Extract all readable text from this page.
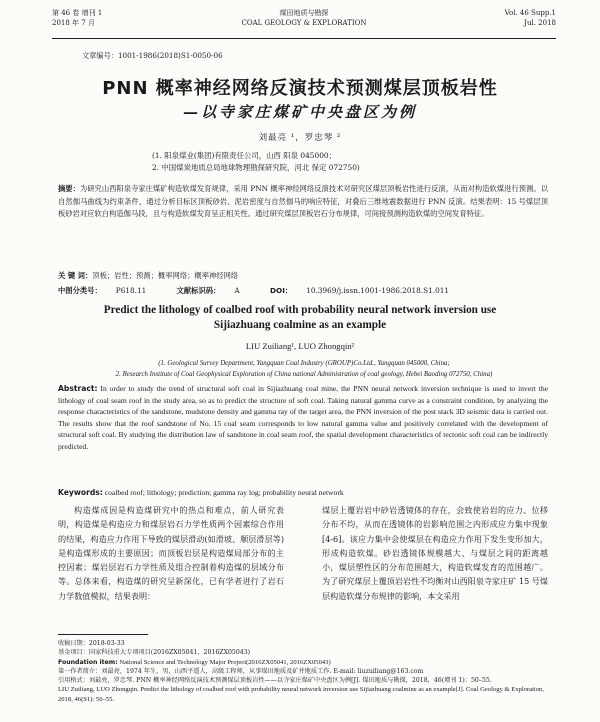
第 46 卷 增刊 1
2018 年 7 月
煤田地质与勘探
COAL GEOLOGY & EXPLORATION
Vol. 46 Supp.1
Jul. 2018
文章编号：1001-1986(2018)S1-0050-06
PNN 概率神经网络反演技术预测煤层顶板岩性
—以寺家庄煤矿中央盘区为例
刘最亮 ¹，罗忠琴 ²
(1. 阳泉煤业(集团)有限责任公司，山西 阳泉 045000；
2. 中国煤炭地质总局地球物理勘探研究院，河北 保定 072750)
摘要：为研究山西阳泉寺家庄煤矿构造软煤发育规律，采用 PNN 概率神经网络反演技术对研究区煤层顶板岩性进行反演，从而对构造软煤进行预测。以自然伽马曲线为约束条件，通过分析目标区顶板砂岩、泥岩密度与自然伽马的响应特征，对叠后三维地震数据进行 PNN 反演。结果表明：15 号煤层顶板砂岩对应软白构造伽马段，且与构造软煤发育呈正相关性。通过研究煤层顶板岩石分布规律，可间接预测构造软煤的空间发育特征。
关 键 词：顶板；岩性；预测；概率网络；概率神经网络
中图分类号： P618.11	文献标识码： A	DOI： 10.3969/j.issn.1001-1986.2018.S1.011
Predict the lithology of coalbed roof with probability neural network inversion use
Sijiazhuang coalmine as an example
LIU Zuiliang¹, LUO Zhongqin²
(1. Geological Survey Department, Yangquan Coal Industry (GROUP)Co.Ltd., Yangquan 045000, China;
2. Research Institute of Coal Geophysical Exploration of China national Administration of coal geology, Hebei Baoding 072750, China)
Abstract: In order to study the trend of structural soft coal in Sijiazhuang coal mine, the PNN neural network inversion technique is used to invert the lithology of coal seam roof in the study area, so as to predict the structure of soft coal. Taking natural gamma curve as a constraint condition, by analyzing the response characteristics of the sandstone, mudstone density and gamma ray of the target area, the PNN inversion of the post stack 3D seismic data is carried out. The results show that the roof sandstone of No. 15 coal seam corresponds to low natural gamma value and positively correlated with the development of structural soft coal. By studying the distribution law of sandstone in coal seam roof, the spatial development characteristics of tectonic soft coal can be indirectly predicted.
Keywords: coalbed roof; lithology; prediction; gamma ray log; probability neural network
构造煤成因是构造煤研究中的热点和难点，前人研究表明，构造煤是构造应力和煤层岩石力学性质两个因素综合作用的结果，构造应力作用下导致的煤层滑动(如滑坡、顺层滑层等)是构造煤形成的主要原因；而顶板岩层是构造煤局部分布的主控因素；煤岩层岩石力学性质及组合控制着构造煤的层域分布等。总体来看，构造煤的研究呈新深化，已有学者进行了岩石力学数值模拟，结果表明：
煤层上覆岩岩中砂岩透镜体的存在，会致使岩岩的应力、位移分布不均，从而在透镜体的岩影响范围之内形成应力集中现象[4-6]。该应力集中会使煤层在构造应力作用下发生变形加大，形成构造软煤。砂岩透镜体规模越大、与煤层之间的距离越小，煤层塑性区的分布范围越大，构造软煤发育的范围越广。为了研究煤层上覆顶岩岩性不均衡对山西阳泉寺家庄矿 15 号煤层构造软煤分布规律的影响，本文采用
收稿日期：2018-03-33
基金项目：国家科技重大专项项目(2016ZX05041，2016ZX05043)
Foundation item: National Science and Technology Major Project(2016ZX05041, 2016ZX05043)
第一作者简介：刘最亮，1974 年生，男，山西平遥人，高级工程师，从事煤田地质及矿井地质工作. E-mail: liuzuiliang@163.com
引用格式：刘最亮，罗忠琴. PNN 概率神经网络反演技术预测煤层顶板岩性——以寺家庄煤矿中央盘区为例[J]. 煤田地质与勘探，2018，46(增刊 1)：50–55.
LIU Zuiliang, LUO Zhongqin. Predict the lithology of coalbed roof with probability neural network inversion use Sijiazhuang coalmine as an example[J]. Coal Geology & Exploration, 2018, 46(S1): 50–55.
